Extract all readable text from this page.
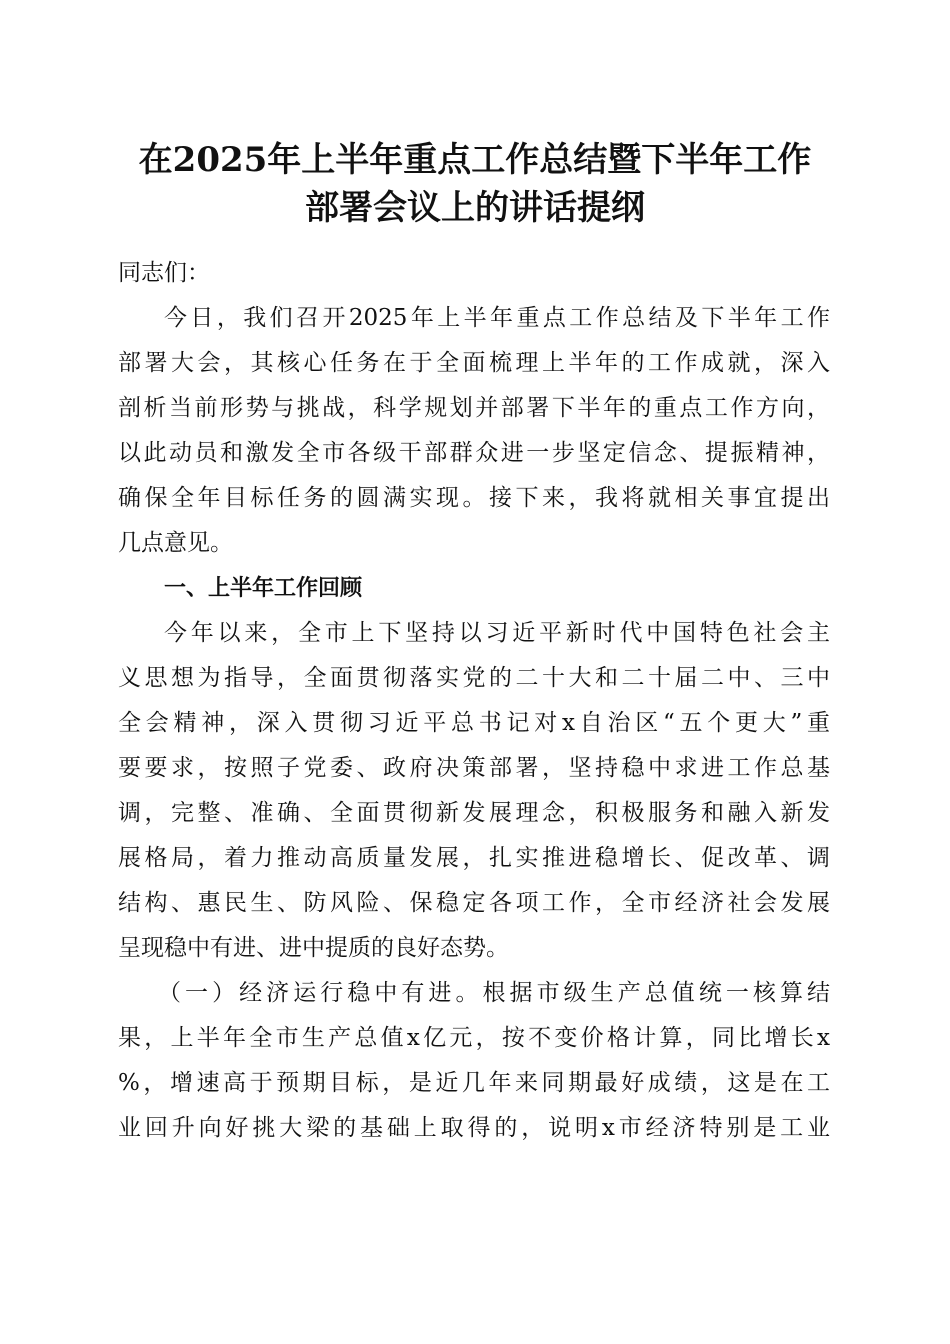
在2025年上半年重点工作总结暨下半年工作
部署会议上的讲话提纲
同志们：
今日，我们召开2025年上半年重点工作总结及下半年工作
部署大会，其核心任务在于全面梳理上半年的工作成就，深入
剖析当前形势与挑战，科学规划并部署下半年的重点工作方向，
以此动员和激发全市各级干部群众进一步坚定信念、提振精神，
确保全年目标任务的圆满实现。接下来，我将就相关事宜提出
几点意见。
一、上半年工作回顾
今年以来，全市上下坚持以习近平新时代中国特色社会主
义思想为指导，全面贯彻落实党的二十大和二十届二中、三中
全会精神，深入贯彻习近平总书记对x自治区“五个更大”重
要要求，按照子党委、政府决策部署，坚持稳中求进工作总基
调，完整、准确、全面贯彻新发展理念，积极服务和融入新发
展格局，着力推动高质量发展，扎实推进稳增长、促改革、调
结构、惠民生、防风险、保稳定各项工作，全市经济社会发展
呈现稳中有进、进中提质的良好态势。
（一）经济运行稳中有进。根据市级生产总值统一核算结
果，上半年全市生产总值x亿元，按不变价格计算，同比增长x
%，增速高于预期目标，是近几年来同期最好成绩，这是在工
业回升向好挑大梁的基础上取得的，说明x市经济特别是工业
